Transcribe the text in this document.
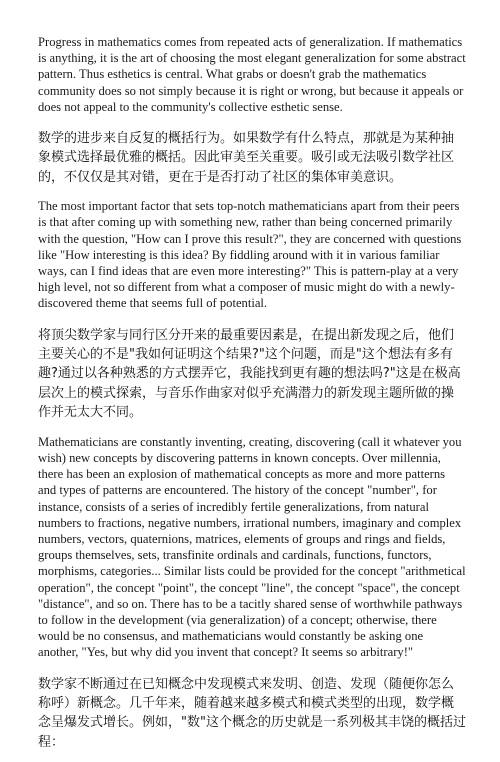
Progress in mathematics comes from repeated acts of generalization. If mathematics is anything, it is the art of choosing the most elegant generalization for some abstract pattern. Thus esthetics is central. What grabs or doesn't grab the mathematics community does so not simply because it is right or wrong, but because it appeals or does not appeal to the community's collective esthetic sense.

数学的进步来自反复的概括行为。如果数学有什么特点，那就是为某种抽象模式选择最优雅的概括。因此审美至关重要。吸引或无法吸引数学社区的，不仅仅是其对错，更在于是否打动了社区的集体审美意识。

The most important factor that sets top-notch mathematicians apart from their peers is that after coming up with something new, rather than being concerned primarily with the question, "How can I prove this result?", they are concerned with questions like "How interesting is this idea? By fiddling around with it in various familiar ways, can I find ideas that are even more interesting?" This is pattern-play at a very high level, not so different from what a composer of music might do with a newly-discovered theme that seems full of potential.

将顶尖数学家与同行区分开来的最重要因素是，在提出新发现之后，他们主要关心的不是"我如何证明这个结果?"这个问题，而是"这个想法有多有趣?通过以各种熟悉的方式摆弄它，我能找到更有趣的想法吗?"这是在极高层次上的模式探索，与音乐作曲家对似乎充满潜力的新发现主题所做的操作并无太大不同。

Mathematicians are constantly inventing, creating, discovering (call it whatever you wish) new concepts by discovering patterns in known concepts. Over millennia, there has been an explosion of mathematical concepts as more and more patterns and types of patterns are encountered. The history of the concept "number", for instance, consists of a series of incredibly fertile generalizations, from natural numbers to fractions, negative numbers, irrational numbers, imaginary and complex numbers, vectors, quaternions, matrices, elements of groups and rings and fields, groups themselves, sets, transfinite ordinals and cardinals, functions, functors, morphisms, categories... Similar lists could be provided for the concept "arithmetical operation", the concept "point", the concept "line", the concept "space", the concept "distance", and so on. There has to be a tacitly shared sense of worthwhile pathways to follow in the development (via generalization) of a concept; otherwise, there would be no consensus, and mathematicians would constantly be asking one another, "Yes, but why did you invent that concept? It seems so arbitrary!"

数学家不断通过在已知概念中发现模式来发明、创造、发现（随便你怎么称呼）新概念。几千年来，随着越来越多模式和模式类型的出现，数学概念呈爆发式增长。例如，"数"这个概念的历史就是一系列极其丰饶的概括过程：
